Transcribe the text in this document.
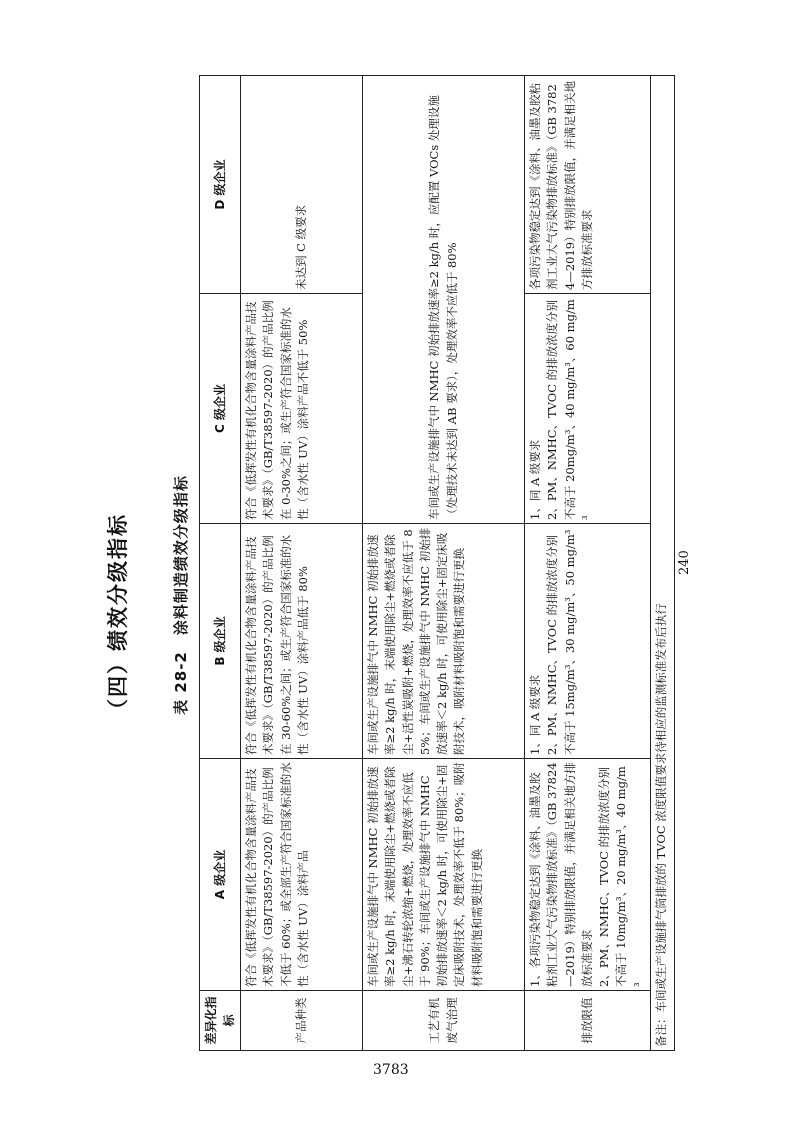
（四）绩效分级指标	表 28-2　涂料制造绩效分级指标	240
差异化指标	A 级企业	B 级企业	C 级企业	D 级企业
产品种类	符合《低挥发性有机化合物含量涂料产品技术要求》（GB/T38597-2020）的产品比例不低于 60%；或全部生产符合国家标准的水性（含水性 UV）涂料产品	符合《低挥发性有机化合物含量涂料产品技术要求》（GB/T38597-2020）的产品比例在 30-60%之间；或生产符合国家标准的水性（含水性 UV）涂料产品低于 80%	符合《低挥发性有机化合物含量涂料产品技术要求》（GB/T38597-2020）的产品比例在 0-30%之间；或生产符合国家标准的水性（含水性 UV）涂料产品不低于 50%	未达到 C 级要求
工艺有机废气治理	车间或生产设施排气中 NMHC 初始排放速率≥2 kg/h 时，末端使用除尘+燃烧或者除尘+沸石转轮浓缩+燃烧，处理效率不应低于 90%；车间或生产设施排气中 NMHC 初始排放速率＜2 kg/h 时，可使用除尘+固定床吸附技术，处理效率不低于 80%；吸附材料吸附饱和需要进行更换	车间或生产设施排气中 NMHC 初始排放速率≥2 kg/h 时，末端使用除尘+燃烧或者除尘+活性炭吸附+燃烧，处理效率不应低于 85%；车间或生产设施排气中 NMHC 初始排放速率＜2 kg/h 时，可使用除尘+固定床吸附技术，吸附材料吸附饱和需要进行更换	车间或生产设施排气中 NMHC 初始排放速率≥2 kg/h 时，应配置 VOCs 处理设施（处理技术未达到 AB 要求），处理效率不应低于 80%	
排放限值	1、各项污染物稳定达到《涂料、油墨及胶粘剂工业大气污染物排放标准》（GB 37824—2019）特别排放限值，并满足相关地方排放标准要求 2、PM、NMHC、TVOC 的排放浓度分别不高于 10mg/m³、20 mg/m³、40 mg/m³	1、同 A 级要求 2、PM、NMHC、TVOC 的排放浓度分别不高于 15mg/m³、30 mg/m³、50 mg/m³	1、同 A 级要求 2、PM、NMHC、TVOC 的排放浓度分别不高于 20mg/m³、40 mg/m³、60 mg/m³	各项污染物稳定达到《涂料、油墨及胶粘剂工业大气污染物排放标准》（GB 37824—2019）特别排放限值，并满足相关地方排放标准要求
备注：车间或生产设施排气筒排放的 TVOC 浓度限值要求待相应的监测标准发布后执行				
3783
